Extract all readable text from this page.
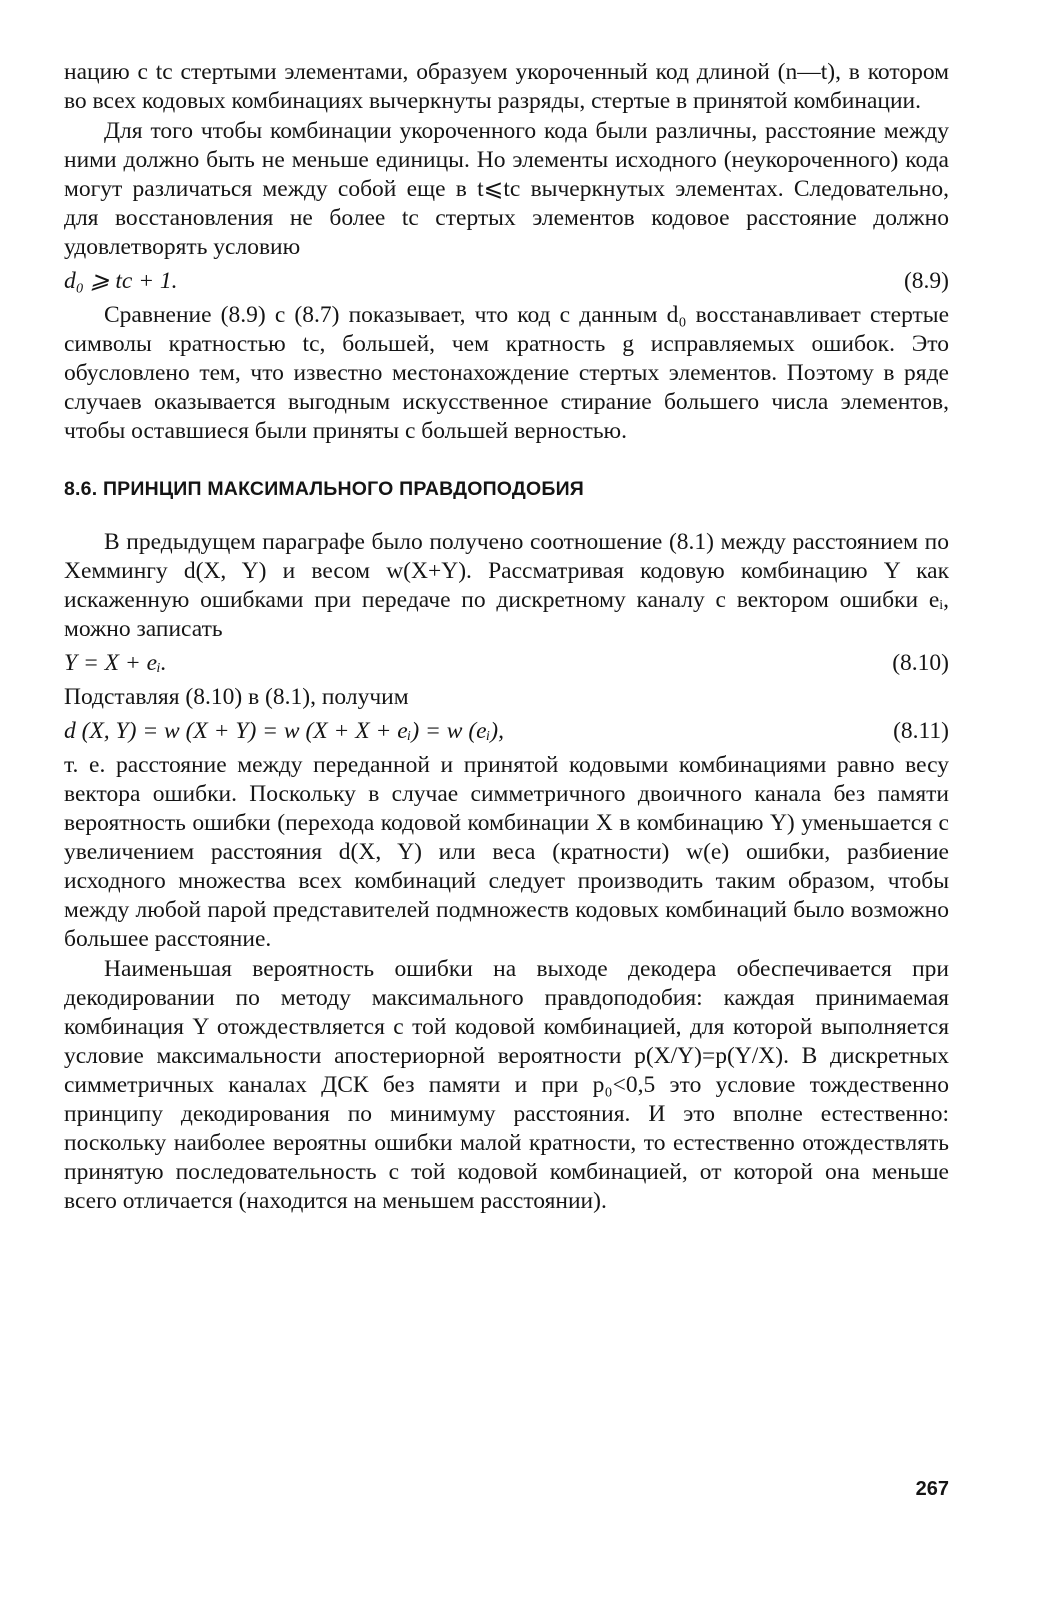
нацию с tс стертыми элементами, образуем укороченный код длиной (n—t), в котором во всех кодовых комбинациях вычеркнуты разряды, стертые в принятой комбинации.

Для того чтобы комбинации укороченного кода были различны, расстояние между ними должно быть не меньше единицы. Но элементы исходного (неукороченного) кода могут различаться между собой еще в t⩽tс вычеркнутых элементах. Следовательно, для восстановления не более tс стертых элементов кодовое расстояние должно удовлетворять условию

d₀ ⩾ tс + 1.	(8.9)

Сравнение (8.9) с (8.7) показывает, что код с данным d₀ восстанавливает стертые символы кратностью tс, большей, чем кратность g исправляемых ошибок. Это обусловлено тем, что известно местонахождение стертых элементов. Поэтому в ряде случаев оказывается выгодным искусственное стирание большего числа элементов, чтобы оставшиеся были приняты с большей верностью.

8.6. ПРИНЦИП МАКСИМАЛЬНОГО ПРАВДОПОДОБИЯ

В предыдущем параграфе было получено соотношение (8.1) между расстоянием по Хеммингу d(X, Y) и весом w(X+Y). Рассматривая кодовую комбинацию Y как искаженную ошибками при передаче по дискретному каналу с вектором ошибки eᵢ, можно записать

Y = X + eᵢ.	(8.10)

Подставляя (8.10) в (8.1), получим

d (X, Y) = w (X + Y) = w (X + X + eᵢ) = w (eᵢ),	(8.11)

т. е. расстояние между переданной и принятой кодовыми комбинациями равно весу вектора ошибки. Поскольку в случае симметричного двоичного канала без памяти вероятность ошибки (перехода кодовой комбинации X в комбинацию Y) уменьшается с увеличением расстояния d(X, Y) или веса (кратности) w(e) ошибки, разбиение исходного множества всех комбинаций следует производить таким образом, чтобы между любой парой представителей подмножеств кодовых комбинаций было возможно большее расстояние.

Наименьшая вероятность ошибки на выходе декодера обеспечивается при декодировании по методу максимального правдоподобия: каждая принимаемая комбинация Y отождествляется с той кодовой комбинацией, для которой выполняется условие максимальности апостериорной вероятности p(X/Y)=p(Y/X). В дискретных симметричных каналах ДСК без памяти и при p₀<0,5 это условие тождественно принципу декодирования по минимуму расстояния. И это вполне естественно: поскольку наиболее вероятны ошибки малой кратности, то естественно отождествлять принятую последовательность с той кодовой комбинацией, от которой она меньше всего отличается (находится на меньшем расстоянии).

267
